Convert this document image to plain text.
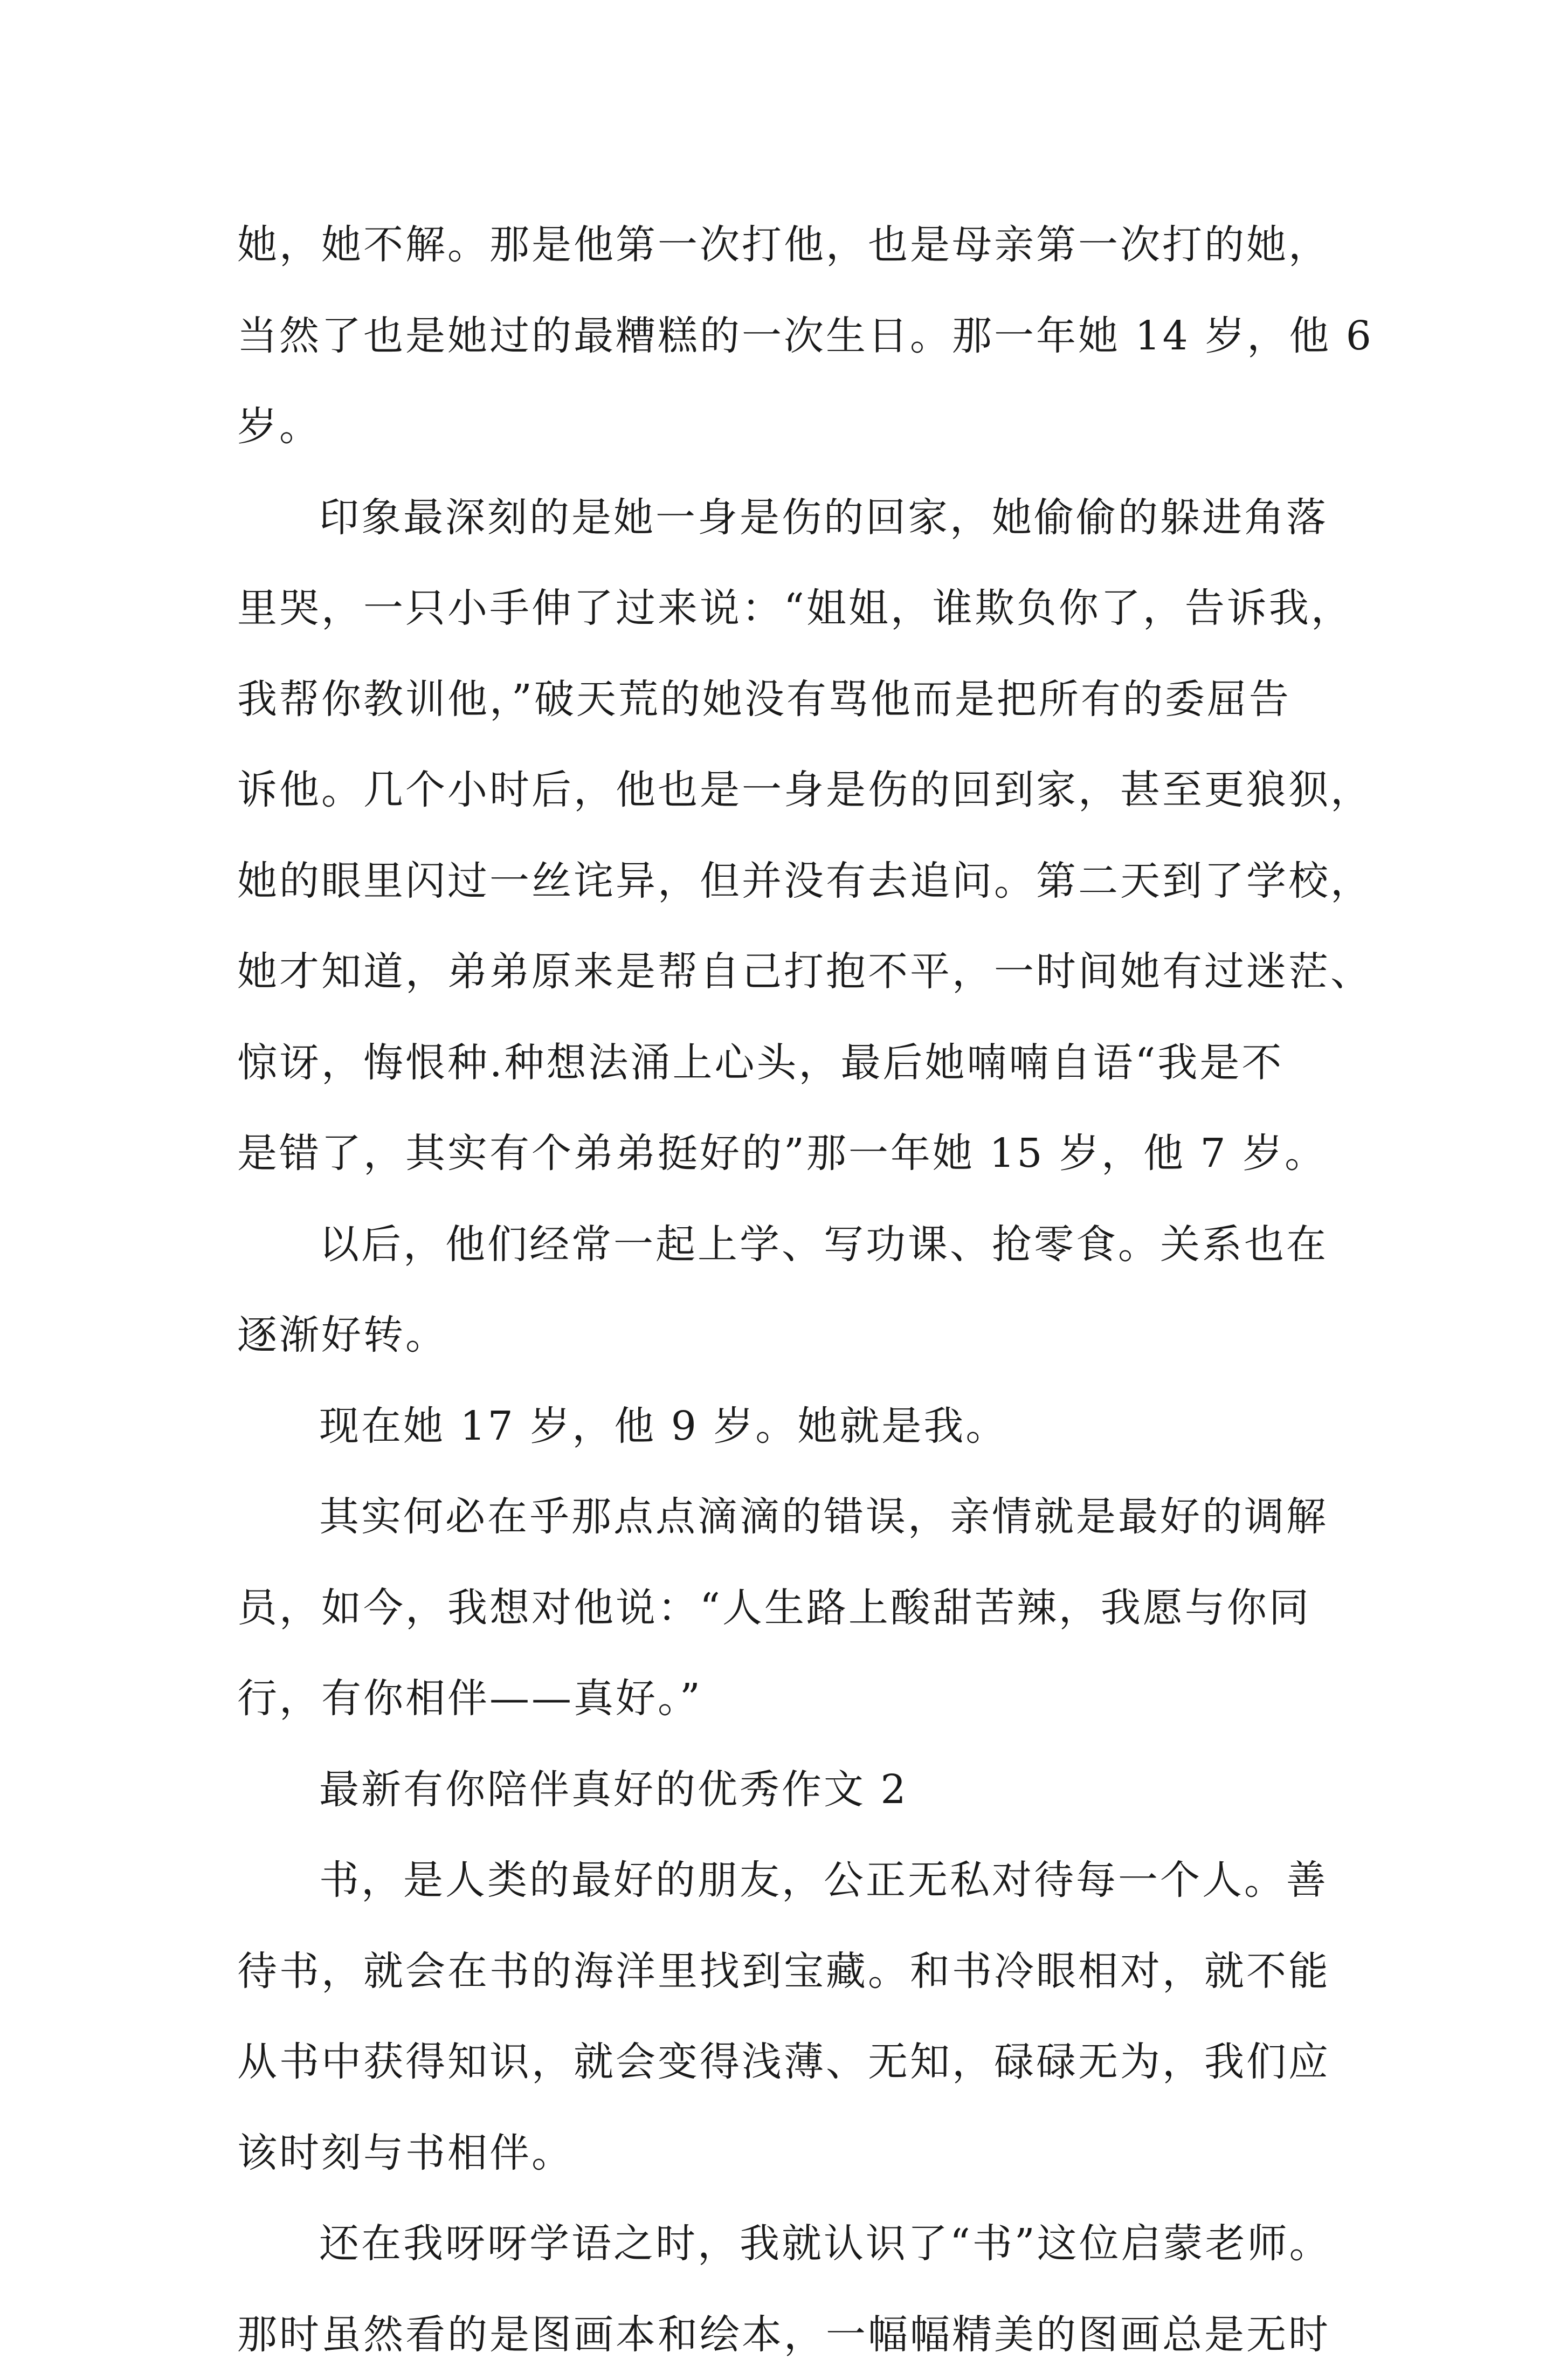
她，她不解。那是他第一次打他，也是母亲第一次打的她，
当然了也是她过的最糟糕的一次生日。那一年她 14 岁，他 6
岁。
印象最深刻的是她一身是伤的回家，她偷偷的躲进角落
里哭，一只小手伸了过来说：“姐姐，谁欺负你了，告诉我，
我帮你教训他，”破天荒的她没有骂他而是把所有的委屈告
诉他。几个小时后，他也是一身是伤的回到家，甚至更狼狈，
她的眼里闪过一丝诧异，但并没有去追问。第二天到了学校，
她才知道，弟弟原来是帮自己打抱不平，一时间她有过迷茫、
惊讶，悔恨种.种想法涌上心头，最后她喃喃自语“我是不
是错了，其实有个弟弟挺好的”那一年她 15 岁，他 7 岁。
以后，他们经常一起上学、写功课、抢零食。关系也在
逐渐好转。
现在她 17 岁，他 9 岁。她就是我。
其实何必在乎那点点滴滴的错误，亲情就是最好的调解
员，如今，我想对他说：“人生路上酸甜苦辣，我愿与你同
行，有你相伴——真好。”
最新有你陪伴真好的优秀作文 2
书，是人类的最好的朋友，公正无私对待每一个人。善
待书，就会在书的海洋里找到宝藏。和书冷眼相对，就不能
从书中获得知识，就会变得浅薄、无知，碌碌无为，我们应
该时刻与书相伴。
还在我呀呀学语之时，我就认识了“书”这位启蒙老师。
那时虽然看的是图画本和绘本，一幅幅精美的图画总是无时
